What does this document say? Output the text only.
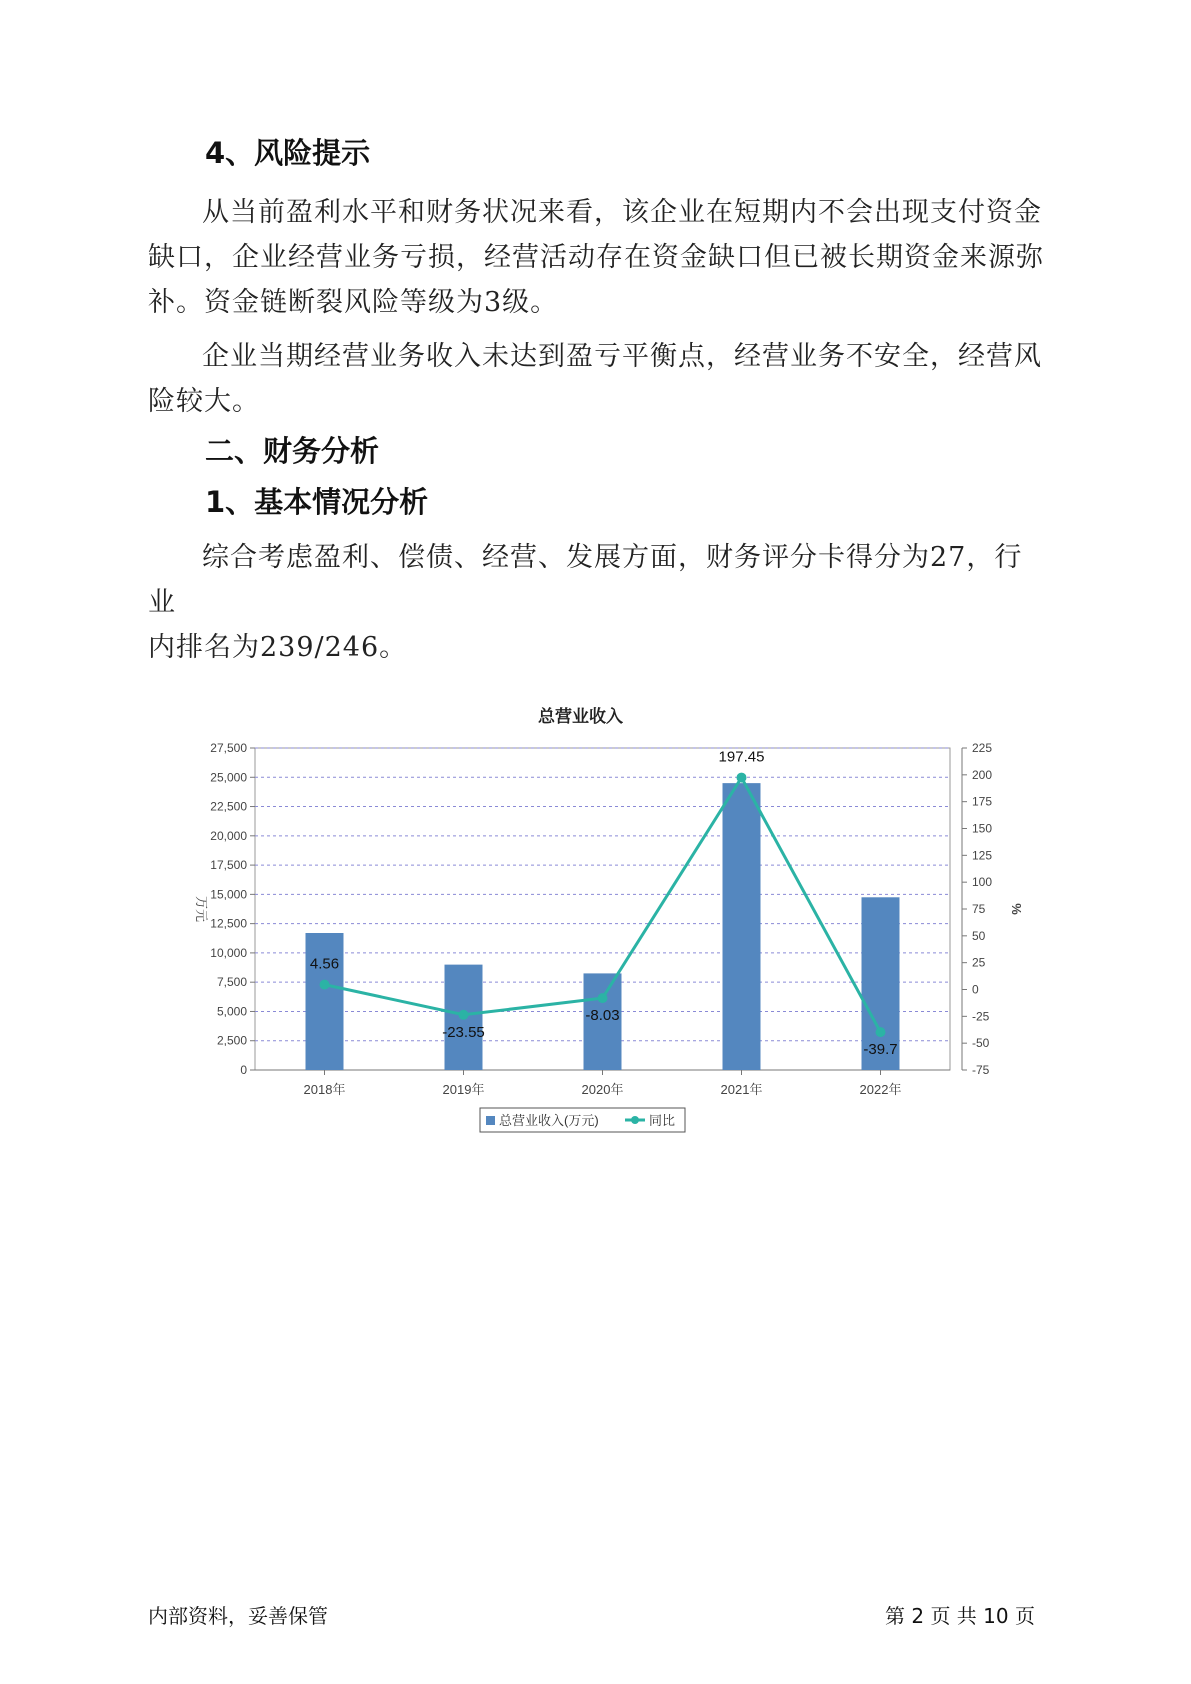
4、风险提示
从当前盈利水平和财务状况来看，该企业在短期内不会出现支付资金
缺口，企业经营业务亏损，经营活动存在资金缺口但已被长期资金来源弥
补。资金链断裂风险等级为3级。
企业当期经营业务收入未达到盈亏平衡点，经营业务不安全，经营风
险较大。
二、财务分析
1、基本情况分析
综合考虑盈利、偿债、经营、发展方面，财务评分卡得分为27，行业
内排名为239/246。
总营业收入
0
2,500
5,000
7,500
10,000
12,500
15,000
17,500
20,000
22,500
25,000
27,500
-75
-50
-25
0
25
50
75
100
125
150
175
200
225
万元	%
2018年	2019年	2020年	2021年	2022年
4.56
-23.55
-8.03
197.45
-39.7
总营业收入(万元)	同比
内部资料，妥善保管	第 2 页 共 10 页
